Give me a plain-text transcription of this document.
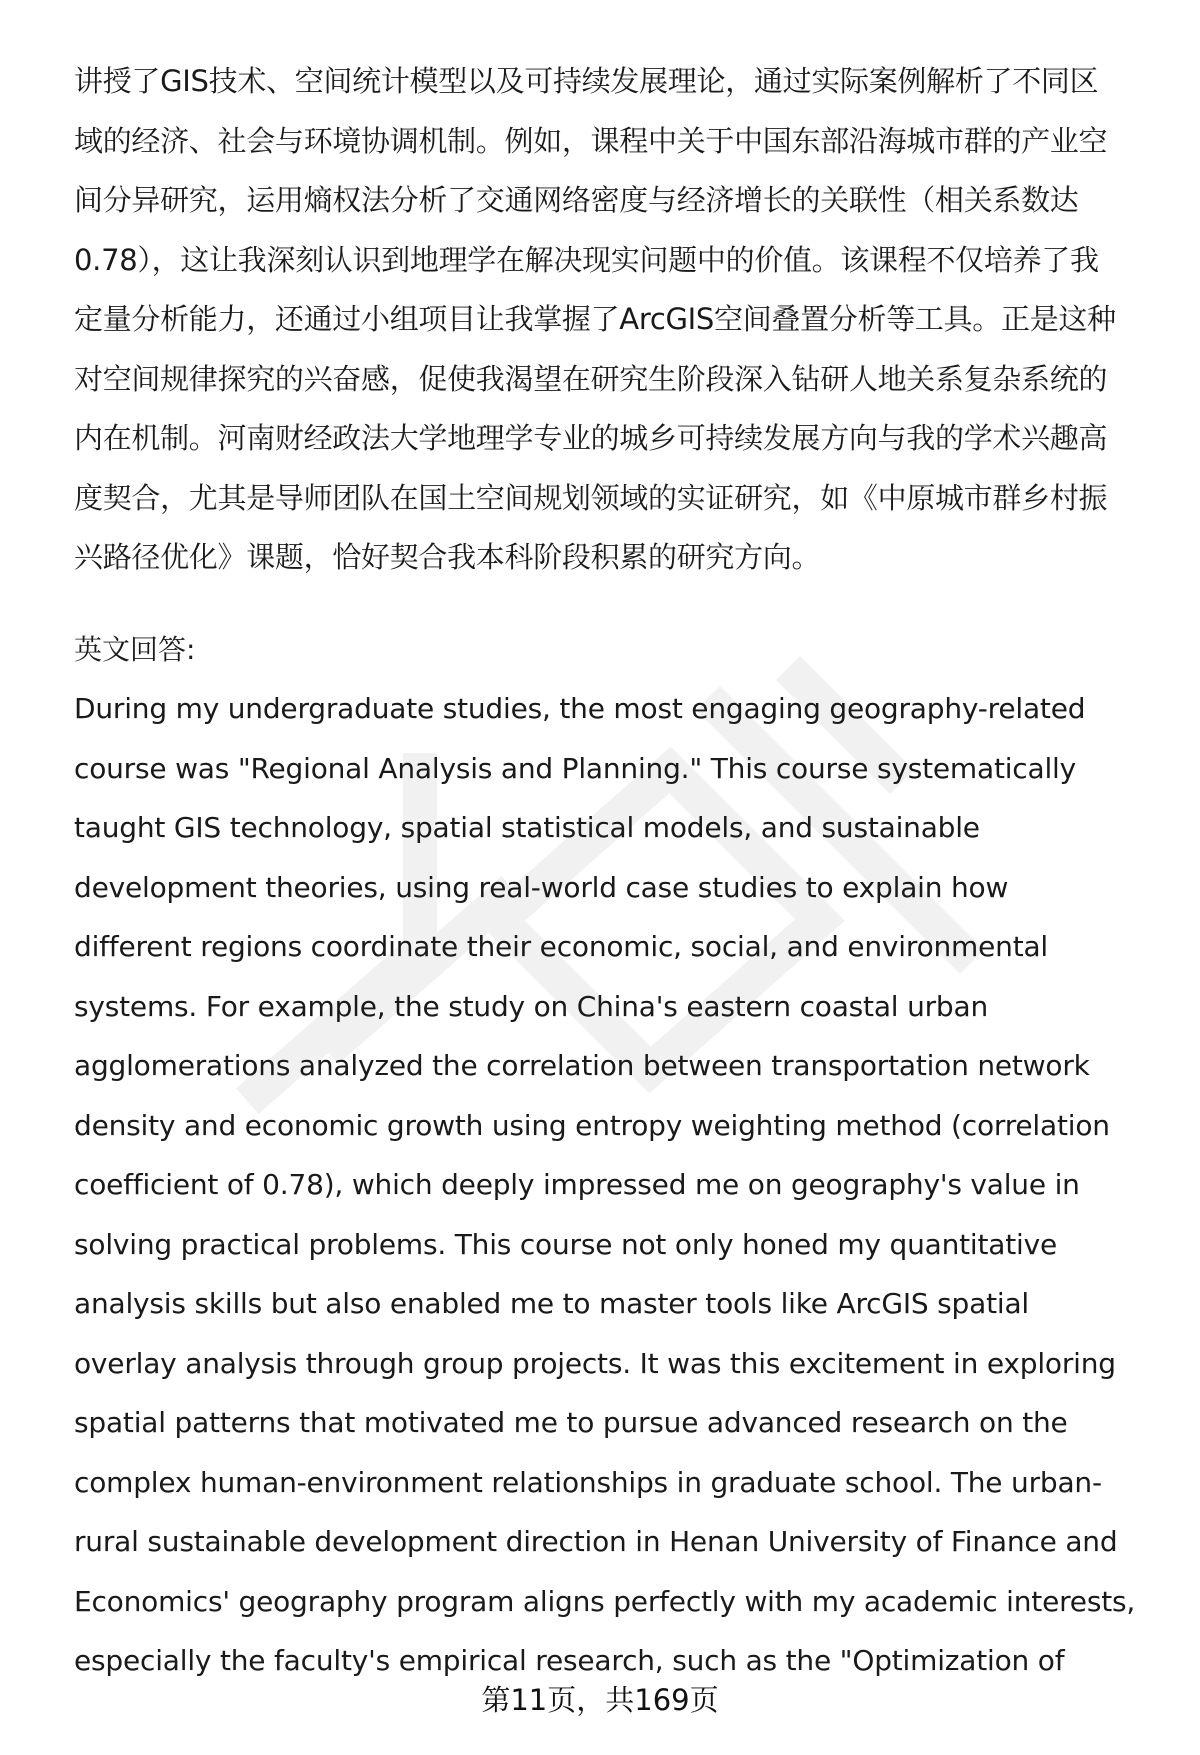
讲授了GIS技术、空间统计模型以及可持续发展理论，通过实际案例解析了不同区
域的经济、社会与环境协调机制。例如，课程中关于中国东部沿海城市群的产业空
间分异研究，运用熵权法分析了交通网络密度与经济增长的关联性（相关系数达
0.78），这让我深刻认识到地理学在解决现实问题中的价值。该课程不仅培养了我
定量分析能力，还通过小组项目让我掌握了ArcGIS空间叠置分析等工具。正是这种
对空间规律探究的兴奋感，促使我渴望在研究生阶段深入钻研人地关系复杂系统的
内在机制。河南财经政法大学地理学专业的城乡可持续发展方向与我的学术兴趣高
度契合，尤其是导师团队在国土空间规划领域的实证研究，如《中原城市群乡村振
兴路径优化》课题，恰好契合我本科阶段积累的研究方向。

英文回答:

During my undergraduate studies, the most engaging geography-related
course was "Regional Analysis and Planning." This course systematically
taught GIS technology, spatial statistical models, and sustainable
development theories, using real-world case studies to explain how
different regions coordinate their economic, social, and environmental
systems. For example, the study on China's eastern coastal urban
agglomerations analyzed the correlation between transportation network
density and economic growth using entropy weighting method (correlation
coefficient of 0.78), which deeply impressed me on geography's value in
solving practical problems. This course not only honed my quantitative
analysis skills but also enabled me to master tools like ArcGIS spatial
overlay analysis through group projects. It was this excitement in exploring
spatial patterns that motivated me to pursue advanced research on the
complex human-environment relationships in graduate school. The urban-
rural sustainable development direction in Henan University of Finance and
Economics' geography program aligns perfectly with my academic interests,
especially the faculty's empirical research, such as the "Optimization of
第11页，共169页
